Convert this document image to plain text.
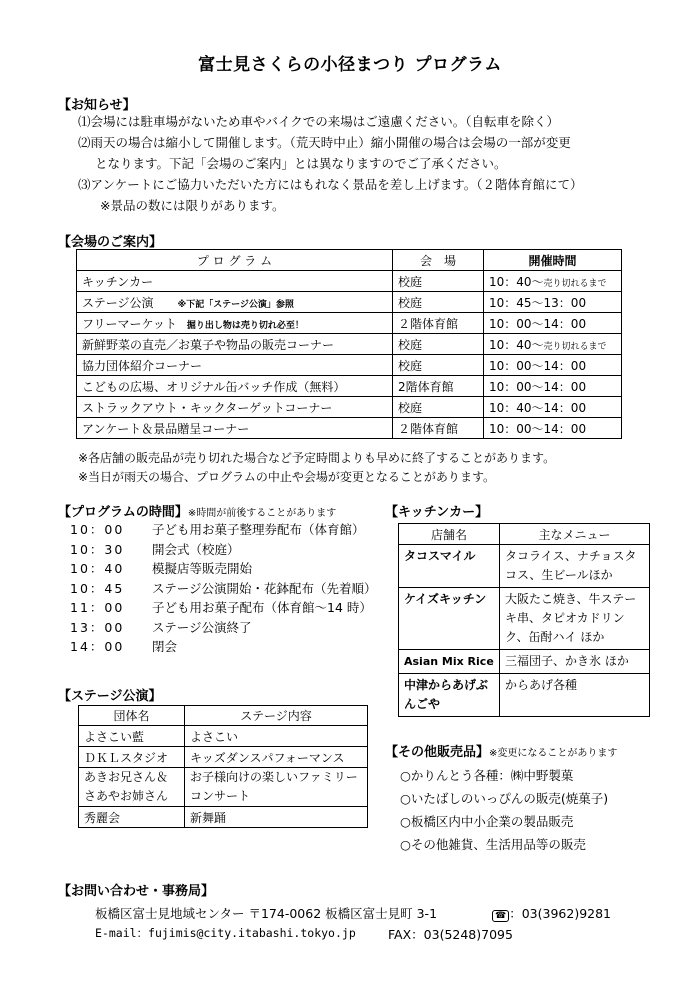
富士見さくらの小径まつり プログラム
【お知らせ】
⑴会場には駐車場がないため車やバイクでの来場はご遠慮ください。（自転車を除く）
⑵雨天の場合は縮小して開催します。（荒天時中止）縮小開催の場合は会場の一部が変更
となります。下記「会場のご案内」とは異なりますのでご了承ください。
⑶アンケートにご協力いただいた方にはもれなく景品を差し上げます。（２階体育館にて）
※景品の数には限りがあります。
【会場のご案内】
プ ロ グ ラ ム	会　場	開催時間
キッチンカー	校庭	10：40〜売り切れるまで
ステージ公演 ※下記「ステージ公演」参照	校庭	10：45〜13：00
フリーマーケット 掘り出し物は売り切れ必至！	２階体育館	10：00〜14：00
新鮮野菜の直売／お菓子や物品の販売コーナー	校庭	10：40〜売り切れるまで
協力団体紹介コーナー	校庭	10：00〜14：00
こどもの広場、オリジナル缶バッチ作成（無料）	2階体育館	10：00〜14：00
ストラックアウト・キックターゲットコーナー	校庭	10：40〜14：00
アンケート＆景品贈呈コーナー	２階体育館	10：00〜14：00
※各店舗の販売品が売り切れた場合など予定時間よりも早めに終了することがあります。
※当日が雨天の場合、プログラムの中止や会場が変更となることがあります。
【プログラムの時間】※時間が前後することがあります
10：00 子ども用お菓子整理券配布（体育館）
10：30 開会式（校庭）
10：40 模擬店等販売開始
10：45 ステージ公演開始・花鉢配布（先着順）
11：00 子ども用お菓子配布（体育館〜14 時）
13：00 ステージ公演終了
14：00 閉会
【ステージ公演】
団体名	ステージ内容
よさこい藍	よさこい
ＤＫＬスタジオ	キッズダンスパフォーマンス
あきお兄さん＆さあやお姉さん	お子様向けの楽しいファミリーコンサート
秀麗会	新舞踊
【キッチンカー】
店舗名	主なメニュー
タコスマイル	タコライス、ナチョスタコス、生ビールほか
ケイズキッチン	大阪たこ焼き、牛ステーキ串、タピオカドリンク、缶酎ハイ ほか
Asian Mix Rice	三福団子、かき氷 ほか
中津からあげぶんごや	からあげ各種
【その他販売品】※変更になることがあります
○かりんとう各種：㈱中野製菓
○いたばしのいっぴんの販売(焼菓子)
○板橋区内中小企業の製品販売
○その他雑貨、生活用品等の販売
【お問い合わせ・事務局】
板橋区富士見地域センター 〒174-0062 板橋区富士見町 3-1	☎ ：03(3962)9281
E-mail：fujimis@city.itabashi.tokyo.jp	FAX：03(5248)7095
